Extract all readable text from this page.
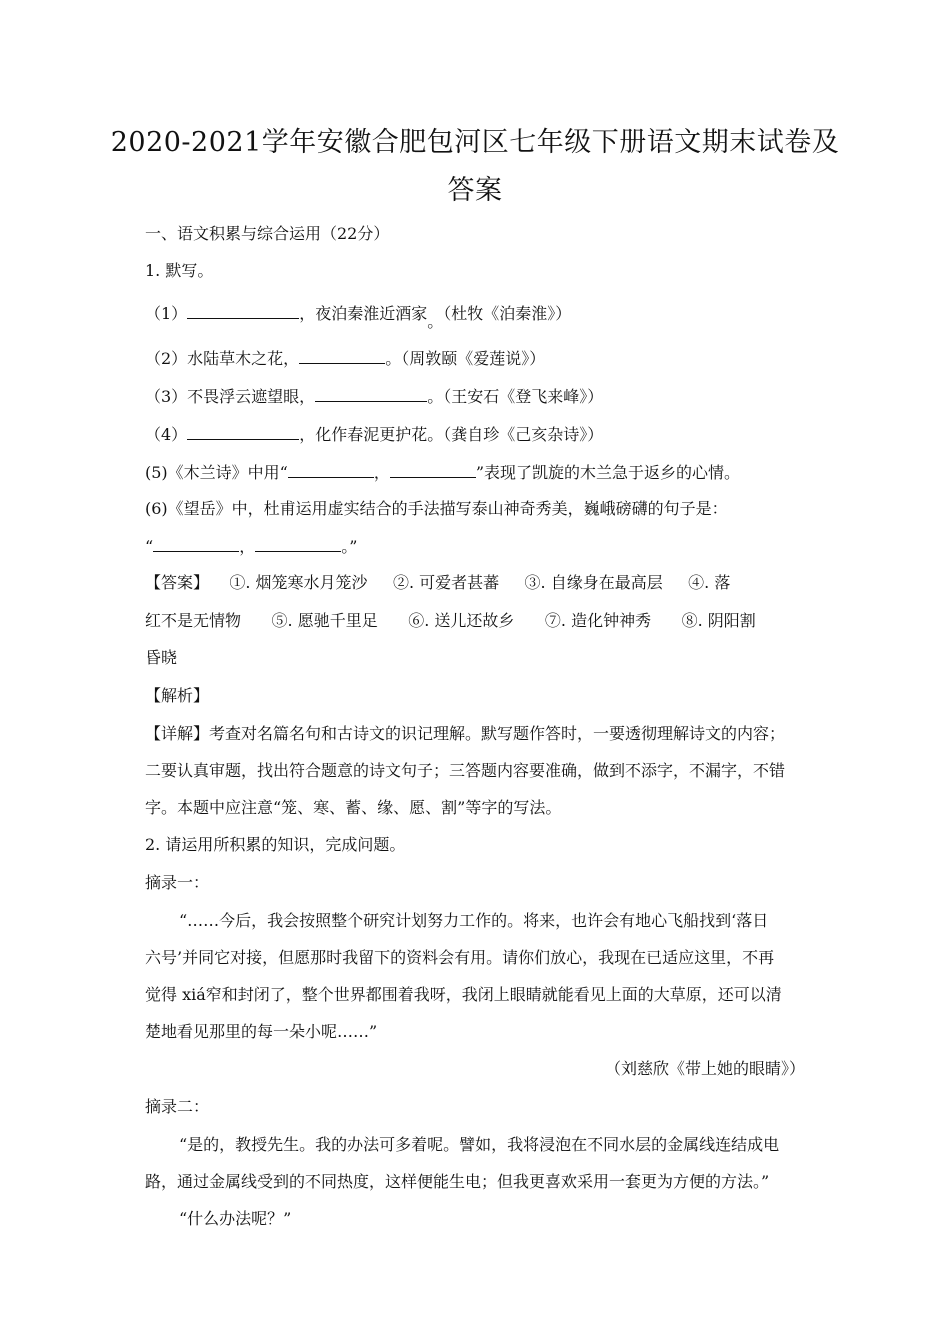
2020-2021学年安徽合肥包河区七年级下册语文期末试卷及
答案
一、语文积累与综合运用（22分）
1. 默写。
（1）	，夜泊秦淮近酒家。（杜牧《泊秦淮》）
（2）水陆草木之花，	。（周敦颐《爱莲说》）
（3）不畏浮云遮望眼，	。（王安石《登飞来峰》）
（4）	，化作春泥更护花。（龚自珍《己亥杂诗》）
(5)《木兰诗》中用“	，	”表现了凯旋的木兰急于返乡的心情。
(6)《望岳》中，杜甫运用虚实结合的手法描写泰山神奇秀美，巍峨磅礴的句子是：
“	，	。”
【答案】    ①. 烟笼寒水月笼沙     ②. 可爱者甚蕃     ③. 自缘身在最高层     ④. 落
红不是无情物      ⑤. 愿驰千里足      ⑥. 送儿还故乡      ⑦. 造化钟神秀      ⑧. 阴阳割
昏晓
【解析】
【详解】考查对名篇名句和古诗文的识记理解。默写题作答时，一要透彻理解诗文的内容；
二要认真审题，找出符合题意的诗文句子；三答题内容要准确，做到不添字，不漏字，不错
字。本题中应注意“笼、寒、蓄、缘、愿、割”等字的写法。
2. 请运用所积累的知识，完成问题。
摘录一：
“……今后，我会按照整个研究计划努力工作的。将来，也许会有地心飞船找到‘落日
六号’并同它对接，但愿那时我留下的资料会有用。请你们放心，我现在已适应这里，不再
觉得 xiá窄和封闭了，整个世界都围着我呀，我闭上眼睛就能看见上面的大草原，还可以清
楚地看见那里的每一朵小呢……”
（刘慈欣《带上她的眼睛》）
摘录二：
“是的，教授先生。我的办法可多着呢。譬如，我将浸泡在不同水层的金属线连结成电
路，通过金属线受到的不同热度，这样便能生电；但我更喜欢采用一套更为方便的方法。”
“什么办法呢？”
